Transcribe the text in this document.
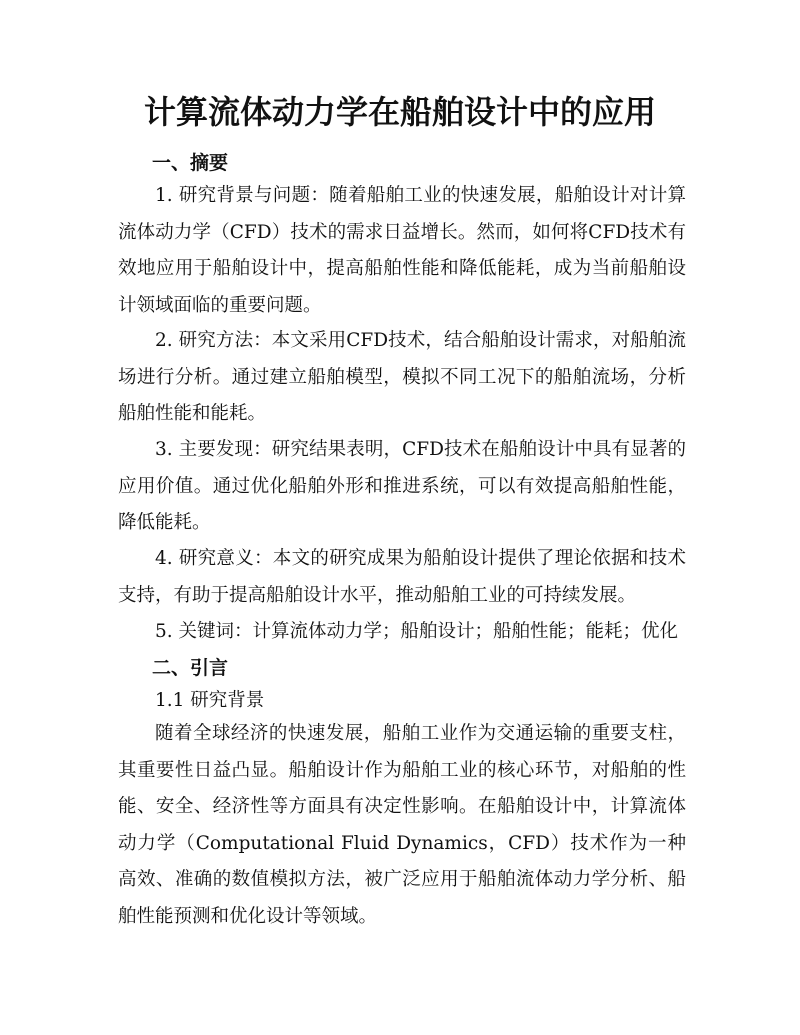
计算流体动力学在船舶设计中的应用
一、摘要

1. 研究背景与问题：随着船舶工业的快速发展，船舶设计对计算流体动力学（CFD）技术的需求日益增长。然而，如何将CFD技术有效地应用于船舶设计中，提高船舶性能和降低能耗，成为当前船舶设计领域面临的重要问题。

2. 研究方法：本文采用CFD技术，结合船舶设计需求，对船舶流场进行分析。通过建立船舶模型，模拟不同工况下的船舶流场，分析船舶性能和能耗。

3. 主要发现：研究结果表明，CFD技术在船舶设计中具有显著的应用价值。通过优化船舶外形和推进系统，可以有效提高船舶性能，降低能耗。

4. 研究意义：本文的研究成果为船舶设计提供了理论依据和技术支持，有助于提高船舶设计水平，推动船舶工业的可持续发展。

5. 关键词：计算流体动力学；船舶设计；船舶性能；能耗；优化

二、引言
1.1 研究背景

随着全球经济的快速发展，船舶工业作为交通运输的重要支柱，其重要性日益凸显。船舶设计作为船舶工业的核心环节，对船舶的性能、安全、经济性等方面具有决定性影响。在船舶设计中，计算流体动力学（Computational Fluid Dynamics，CFD）技术作为一种高效、准确的数值模拟方法，被广泛应用于船舶流体动力学分析、船舶性能预测和优化设计等领域。
